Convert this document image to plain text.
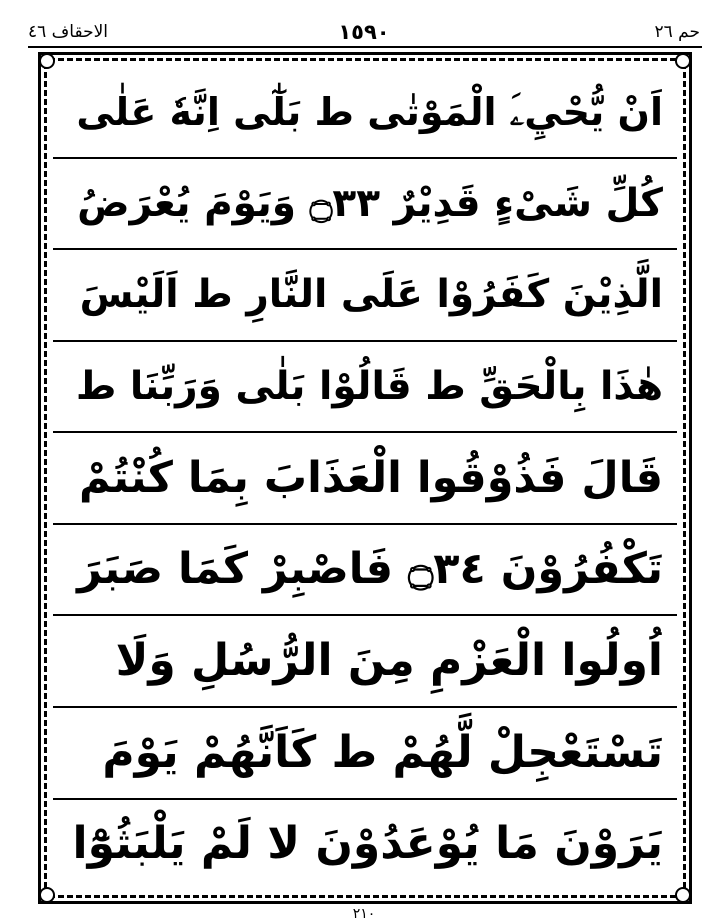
حم ٢٦
١٥٩٠
الاحقاف ٤٦
اَنْ يُّحْيِۦَ الْمَوْتٰى ط بَلٰٓى اِنَّهٗ عَلٰى
كُلِّ شَىْءٍ قَدِيْرٌ ۝٣٣ وَيَوْمَ يُعْرَضُ
الَّذِيْنَ كَفَرُوْا عَلَى النَّارِ ط اَلَيْسَ
هٰذَا بِالْحَقِّ ط قَالُوْا بَلٰى وَرَبِّنَا ط
قَالَ فَذُوْقُوا الْعَذَابَ بِمَا كُنْتُمْ
تَكْفُرُوْنَ ۝٣٤ فَاصْبِرْ كَمَا صَبَرَ
اُولُوا الْعَزْمِ مِنَ الرُّسُلِ وَلَا
تَسْتَعْجِلْ لَّهُمْ ط كَاَنَّهُمْ يَوْمَ
يَرَوْنَ مَا يُوْعَدُوْنَ لا لَمْ يَلْبَثُوْٓا
٢١٠
